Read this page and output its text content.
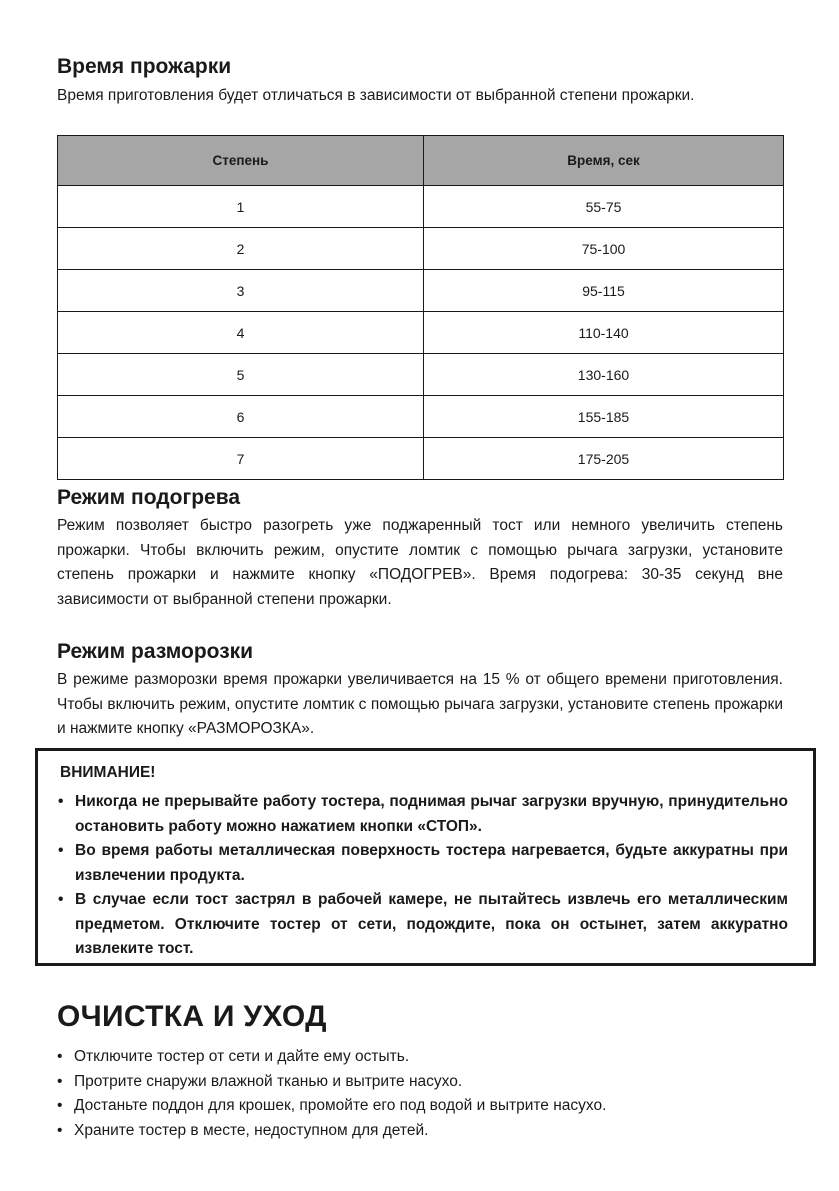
Время прожарки

Время приготовления будет отличаться в зависимости от выбранной степени прожарки.

Степень	Время, сек
1	55-75
2	75-100
3	95-115
4	110-140
5	130-160
6	155-185
7	175-205
Режим подогрева

Режим позволяет быстро разогреть уже поджаренный тост или немного увеличить степень прожарки. Чтобы включить режим, опустите ломтик с помощью рычага загрузки, установите степень прожарки и нажмите кнопку «ПОДОГРЕВ». Время подогрева: 30-35 секунд вне зависимости от выбранной степени прожарки.

Режим разморозки

В режиме разморозки время прожарки увеличивается на 15 % от общего времени приготовления. Чтобы включить режим, опустите ломтик с помощью рычага загрузки, установите степень прожарки и нажмите кнопку «РАЗМОРОЗКА».

ВНИМАНИЕ!

• Никогда не прерывайте работу тостера, поднимая рычаг загрузки вручную, принудительно остановить работу можно нажатием кнопки «СТОП».
• Во время работы металлическая поверхность тостера нагревается, будьте аккуратны при извлечении продукта.
• В случае если тост застрял в рабочей камере, не пытайтесь извлечь его металлическим предметом. Отключите тостер от сети, подождите, пока он остынет, затем аккуратно извлеките тост.
ОЧИСТКА И УХОД
• Отключите тостер от сети и дайте ему остыть.
• Протрите снаружи влажной тканью и вытрите насухо.
• Достаньте поддон для крошек, промойте его под водой и вытрите насухо.
• Храните тостер в месте, недоступном для детей.
